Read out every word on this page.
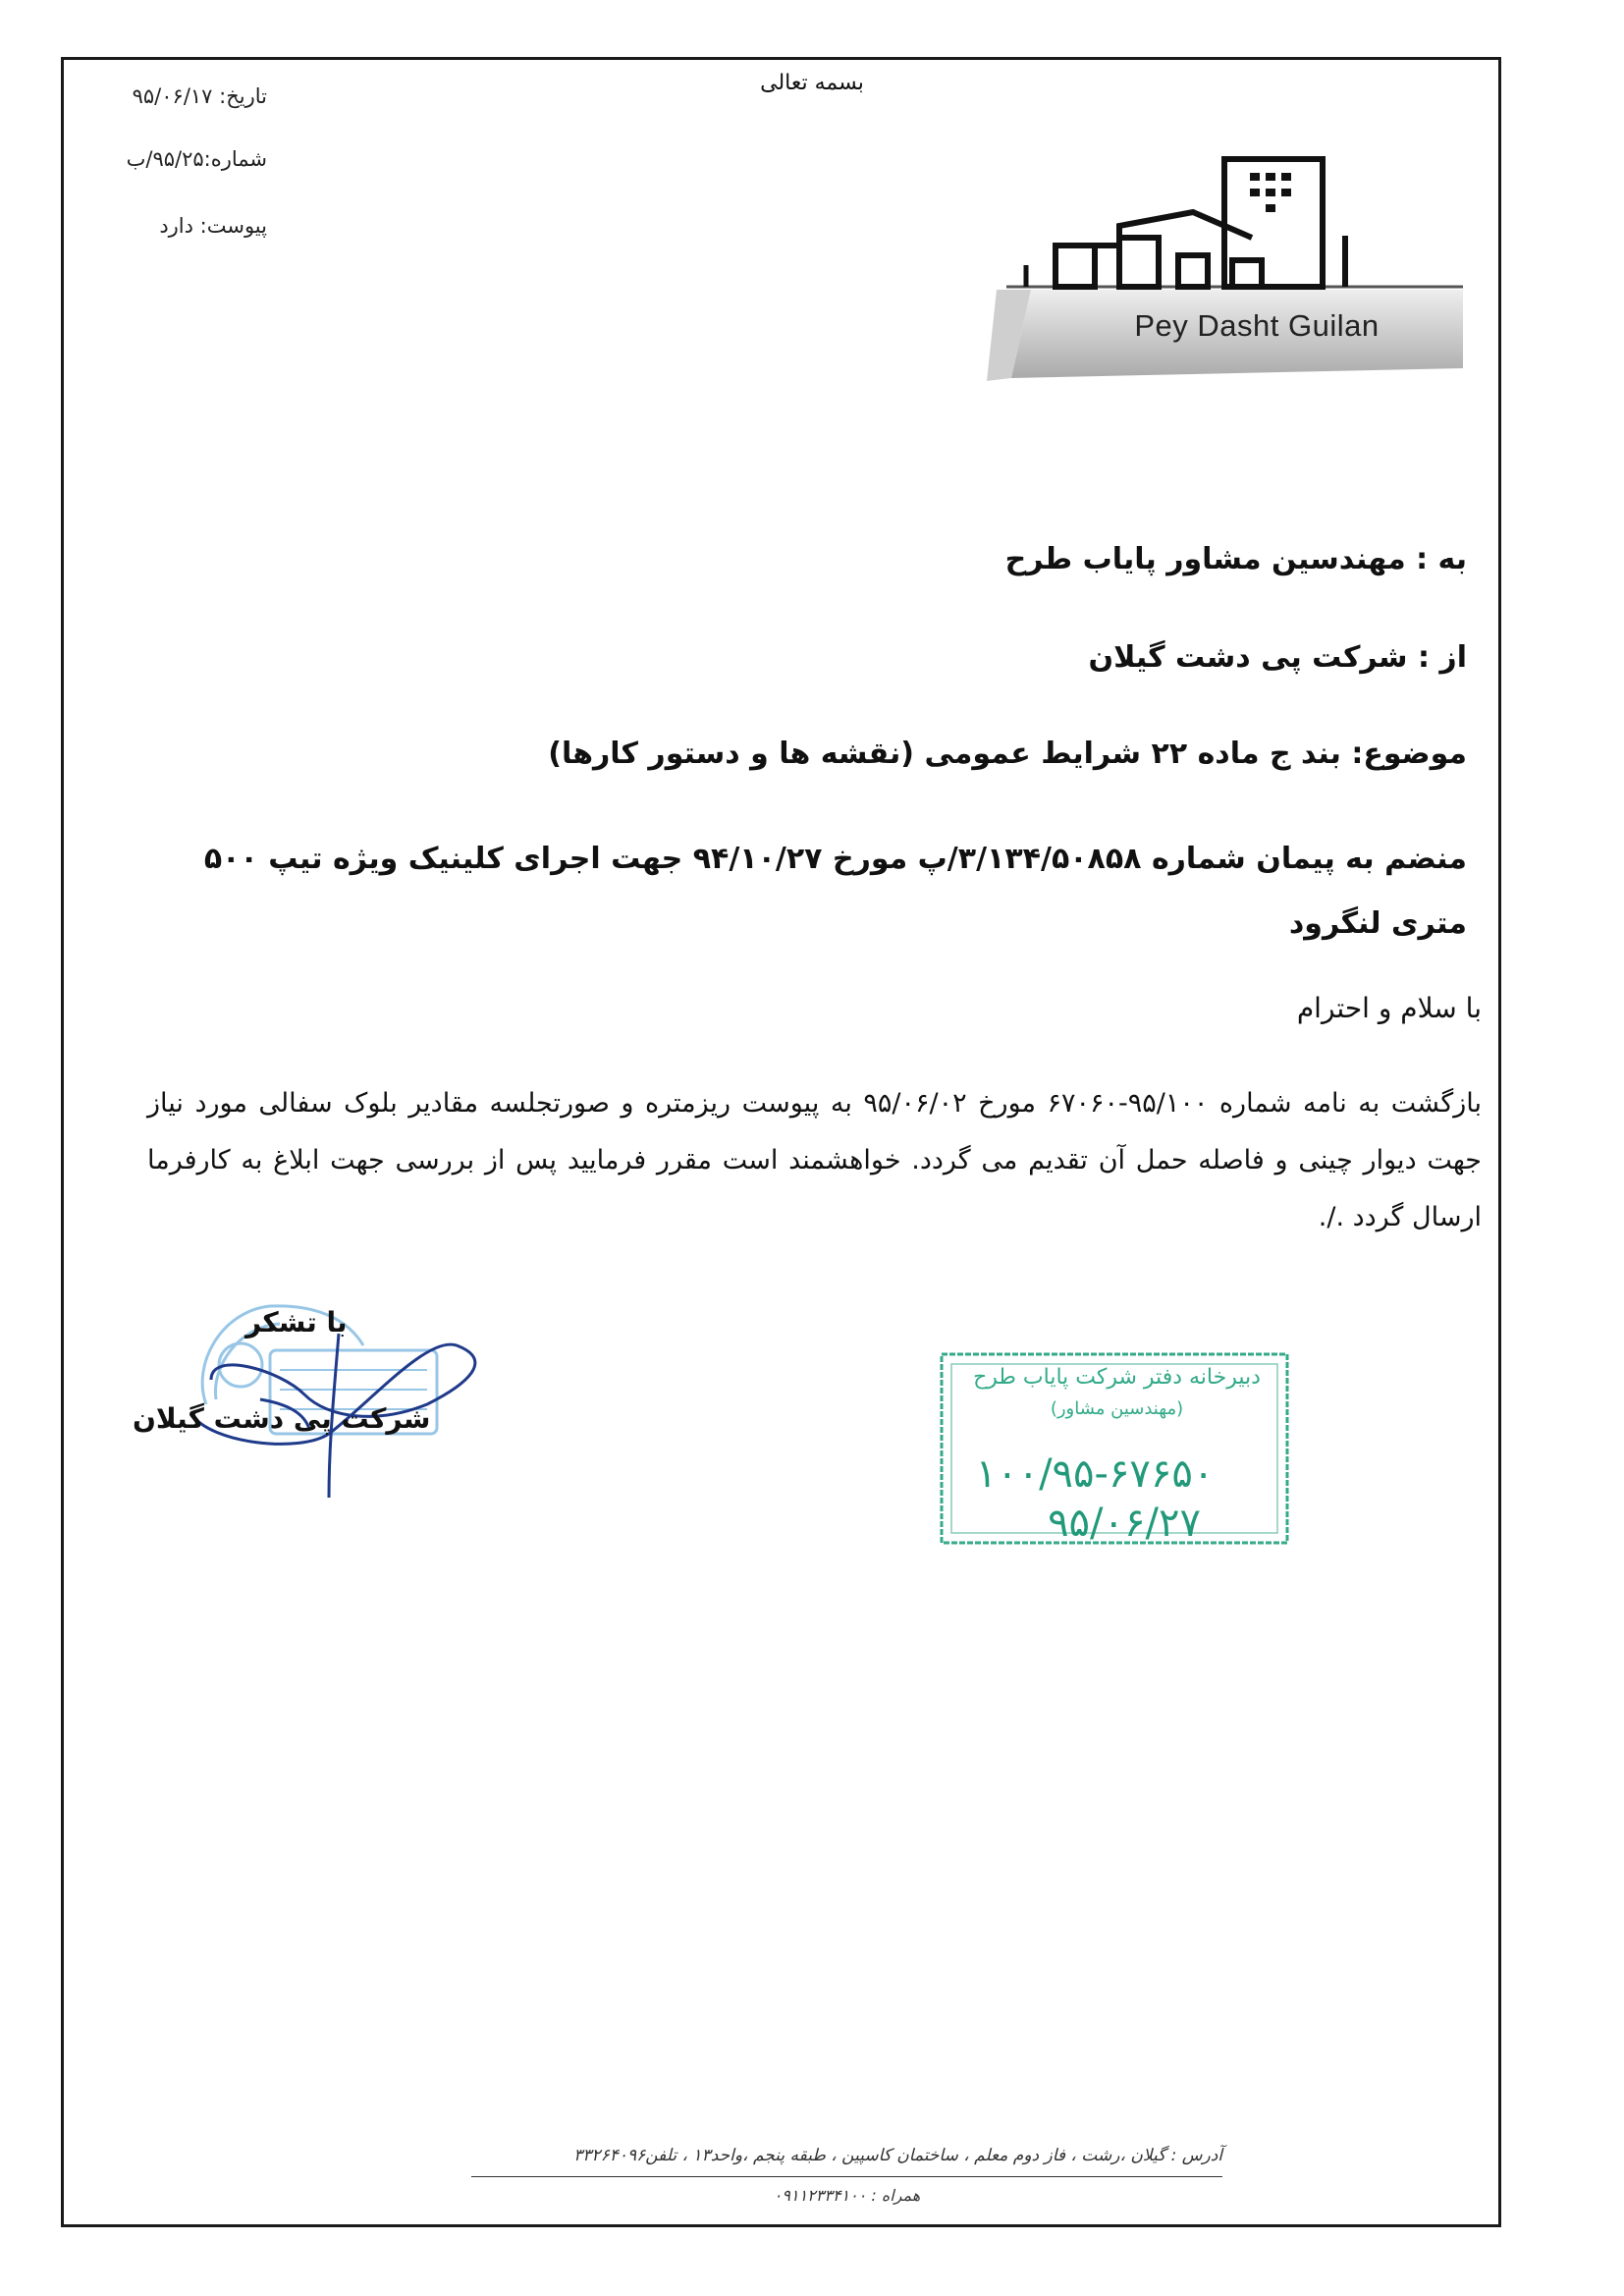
بسمه تعالی
تاریخ: ۹۵/۰۶/۱۷
شماره:۹۵/۲۵/ب
پیوست: دارد
Pey Dasht Guilan
به : مهندسین مشاور پایاب طرح
از : شرکت پی دشت گیلان
موضوع: بند ج ماده ۲۲ شرایط عمومی (نقشه ها و دستور کارها)
منضم به پیمان شماره ۳/۱۳۴/۵۰۸۵۸/پ مورخ ۹۴/۱۰/۲۷ جهت اجرای کلینیک ویژه تیپ ۵۰۰ متری لنگرود
با سلام و احترام
بازگشت به نامه شماره ۹۵/۱۰۰-۶۷۰۶۰ مورخ ۹۵/۰۶/۰۲ به پیوست ریزمتره و صورتجلسه مقادیر بلوک سفالی مورد نیاز جهت دیوار چینی و فاصله حمل آن تقدیم می گردد. خواهشمند است مقرر فرمایید پس از بررسی جهت ابلاغ به کارفرما ارسال گردد ./.
با تشکر
شرکت پی دشت گیلان
دبیرخانه دفتر شرکت پایاب طرح
(مهندسین مشاور)
۱۰۰/۹۵-۶۷۶۵۰
۹۵/۰۶/۲۷
آدرس : گیلان ،رشت ، فاز دوم معلم ، ساختمان کاسپین ، طبقه پنجم ،واحد۱۳ ، تلفن۳۳۲۶۴۰۹۶
همراه : ۰۹۱۱۲۳۳۴۱۰۰
